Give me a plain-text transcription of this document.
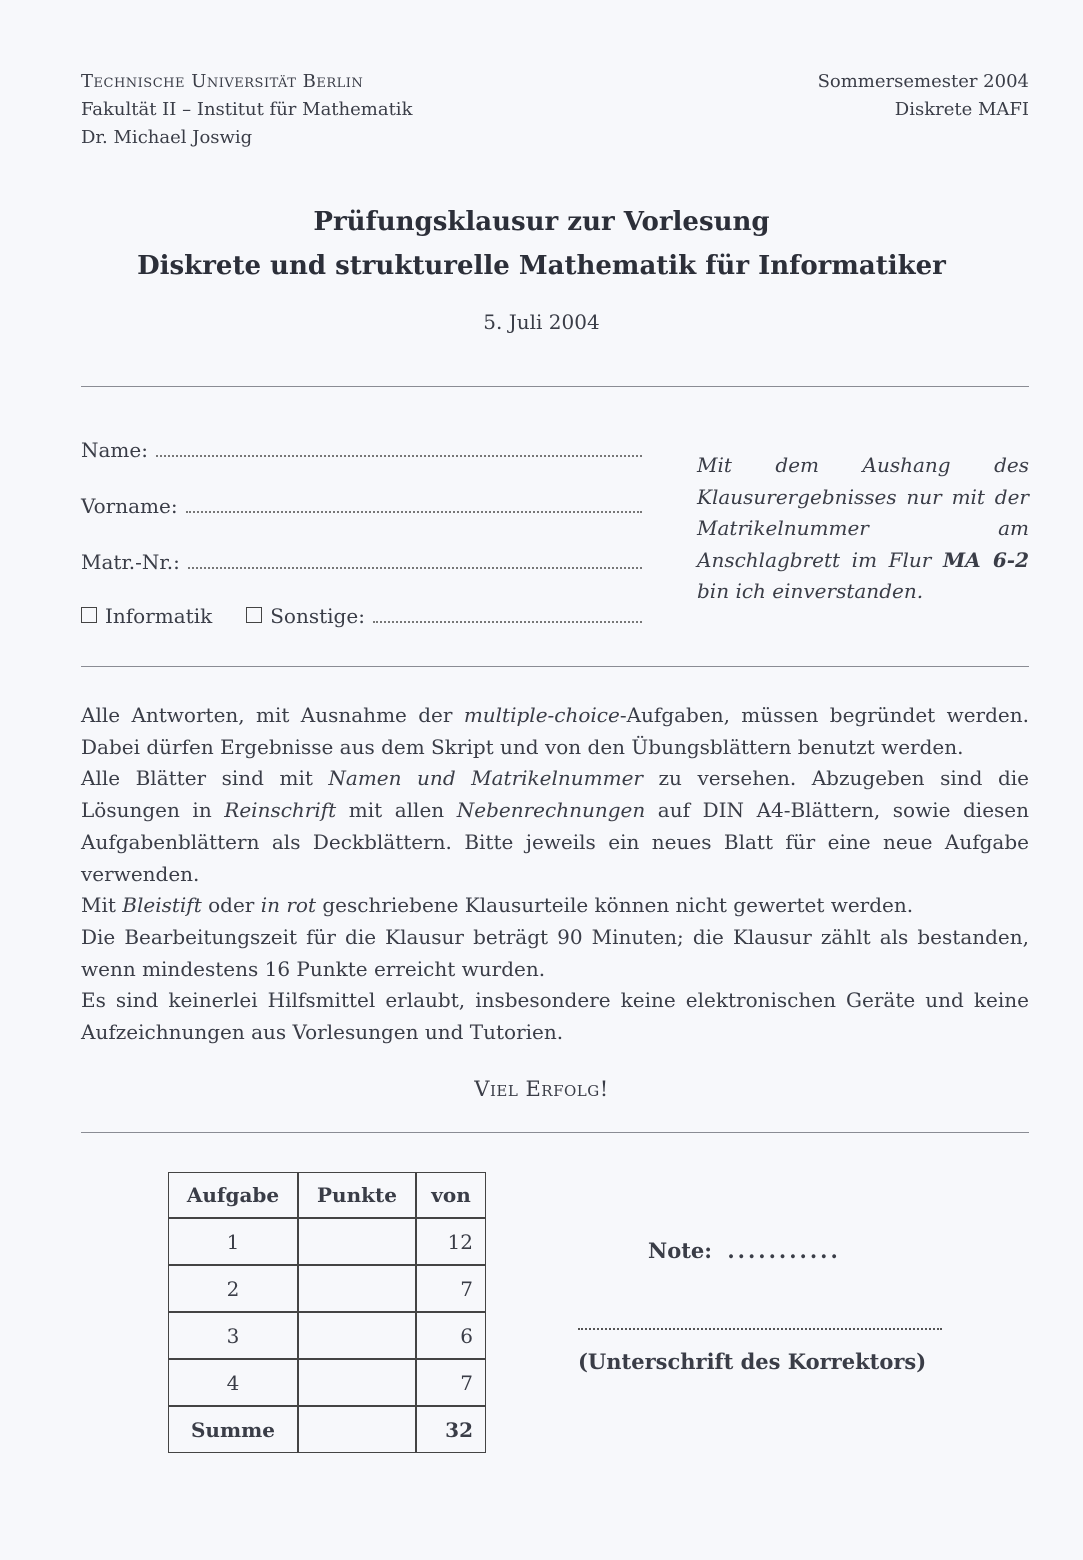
Technische Universität Berlin
Fakultät II – Institut für Mathematik
Dr. Michael Joswig
Sommersemester 2004
Diskrete MAFI
Prüfungsklausur zur Vorlesung
Diskrete und strukturelle Mathematik für Informatiker
5. Juli 2004
Name:
Vorname:
Matr.-Nr.:
Informatik	Sonstige:
Mit dem Aushang des Klausurergebnisses nur mit der Matrikelnummer am Anschlagbrett im Flur MA 6-2 bin ich einverstanden.

Alle Antworten, mit Ausnahme der multiple-choice-Aufgaben, müssen begründet werden. Dabei dürfen Ergebnisse aus dem Skript und von den Übungsblättern benutzt werden.

Alle Blätter sind mit Namen und Matrikelnummer zu versehen. Abzugeben sind die Lösungen in Reinschrift mit allen Nebenrechnungen auf DIN A4-Blättern, sowie diesen Aufgabenblättern als Deckblättern. Bitte jeweils ein neues Blatt für eine neue Aufgabe verwenden.

Mit Bleistift oder in rot geschriebene Klausurteile können nicht gewertet werden.

Die Bearbeitungszeit für die Klausur beträgt 90 Minuten; die Klausur zählt als bestanden, wenn mindestens 16 Punkte erreicht wurden.

Es sind keinerlei Hilfsmittel erlaubt, insbesondere keine elektronischen Geräte und keine Aufzeichnungen aus Vorlesungen und Tutorien.

Viel Erfolg!
Aufgabe	Punkte	von
1		12
2		7
3		6
4		7
Summe		32
Note: ...........
(Unterschrift des Korrektors)
